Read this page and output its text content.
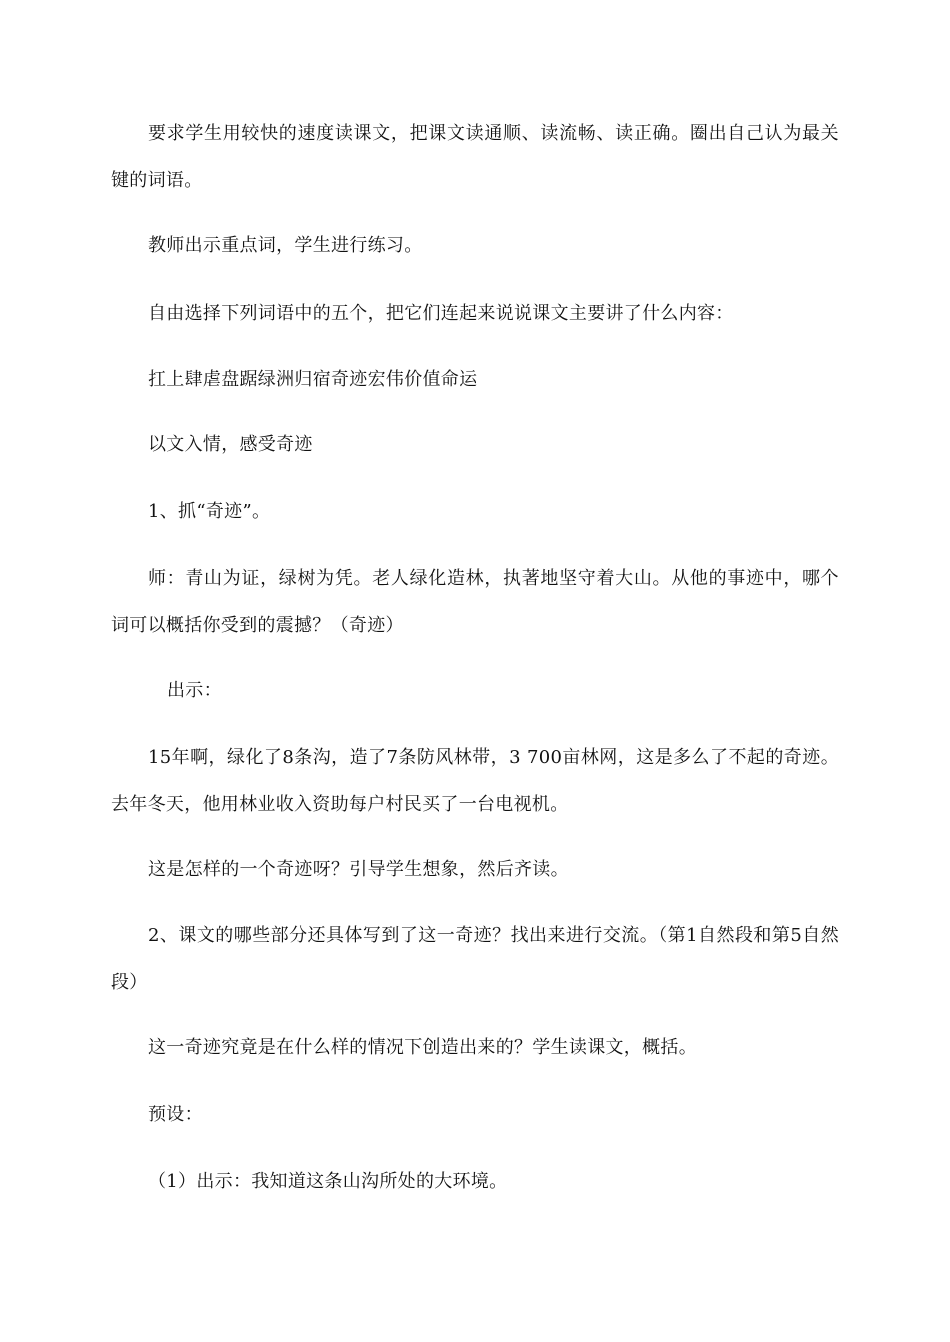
要求学生用较快的速度读课文，把课文读通顺、读流畅、读正确。圈出自己认为最关键的词语。

教师出示重点词，学生进行练习。

自由选择下列词语中的五个，把它们连起来说说课文主要讲了什么内容：

扛上肆虐盘踞绿洲归宿奇迹宏伟价值命运

以文入情，感受奇迹

1、抓“奇迹”。

师：青山为证，绿树为凭。老人绿化造林，执著地坚守着大山。从他的事迹中，哪个词可以概括你受到的震撼？（奇迹）

出示：

15年啊，绿化了8条沟，造了7条防风林带，3 700亩林网，这是多么了不起的奇迹。去年冬天，他用林业收入资助每户村民买了一台电视机。

这是怎样的一个奇迹呀？引导学生想象，然后齐读。

2、课文的哪些部分还具体写到了这一奇迹？找出来进行交流。（第1自然段和第5自然段）

这一奇迹究竟是在什么样的情况下创造出来的？学生读课文，概括。

预设：

（1）出示：我知道这条山沟所处的大环境。
